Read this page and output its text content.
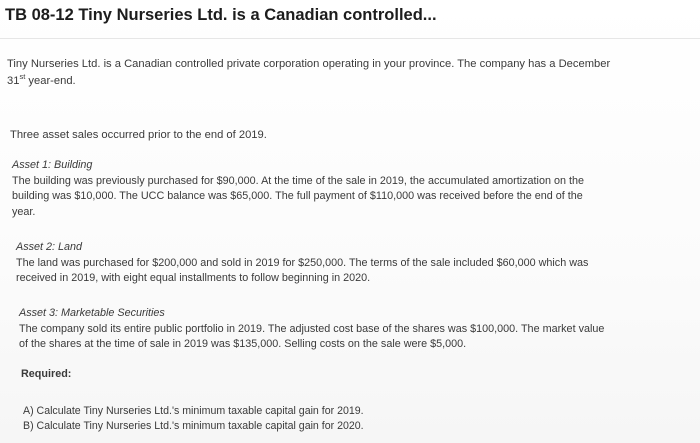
TB 08-12 Tiny Nurseries Ltd. is a Canadian controlled...
Tiny Nurseries Ltd. is a Canadian controlled private corporation operating in your province. The company has a December
31st year-end.
Three asset sales occurred prior to the end of 2019.
Asset 1: Building
The building was previously purchased for $90,000. At the time of the sale in 2019, the accumulated amortization on the
building was $10,000. The UCC balance was $65,000. The full payment of $110,000 was received before the end of the
year.
Asset 2: Land
The land was purchased for $200,000 and sold in 2019 for $250,000. The terms of the sale included $60,000 which was
received in 2019, with eight equal installments to follow beginning in 2020.
Asset 3: Marketable Securities
The company sold its entire public portfolio in 2019. The adjusted cost base of the shares was $100,000. The market value
of the shares at the time of sale in 2019 was $135,000. Selling costs on the sale were $5,000.
Required:
A) Calculate Tiny Nurseries Ltd.'s minimum taxable capital gain for 2019.
B) Calculate Tiny Nurseries Ltd.'s minimum taxable capital gain for 2020.
